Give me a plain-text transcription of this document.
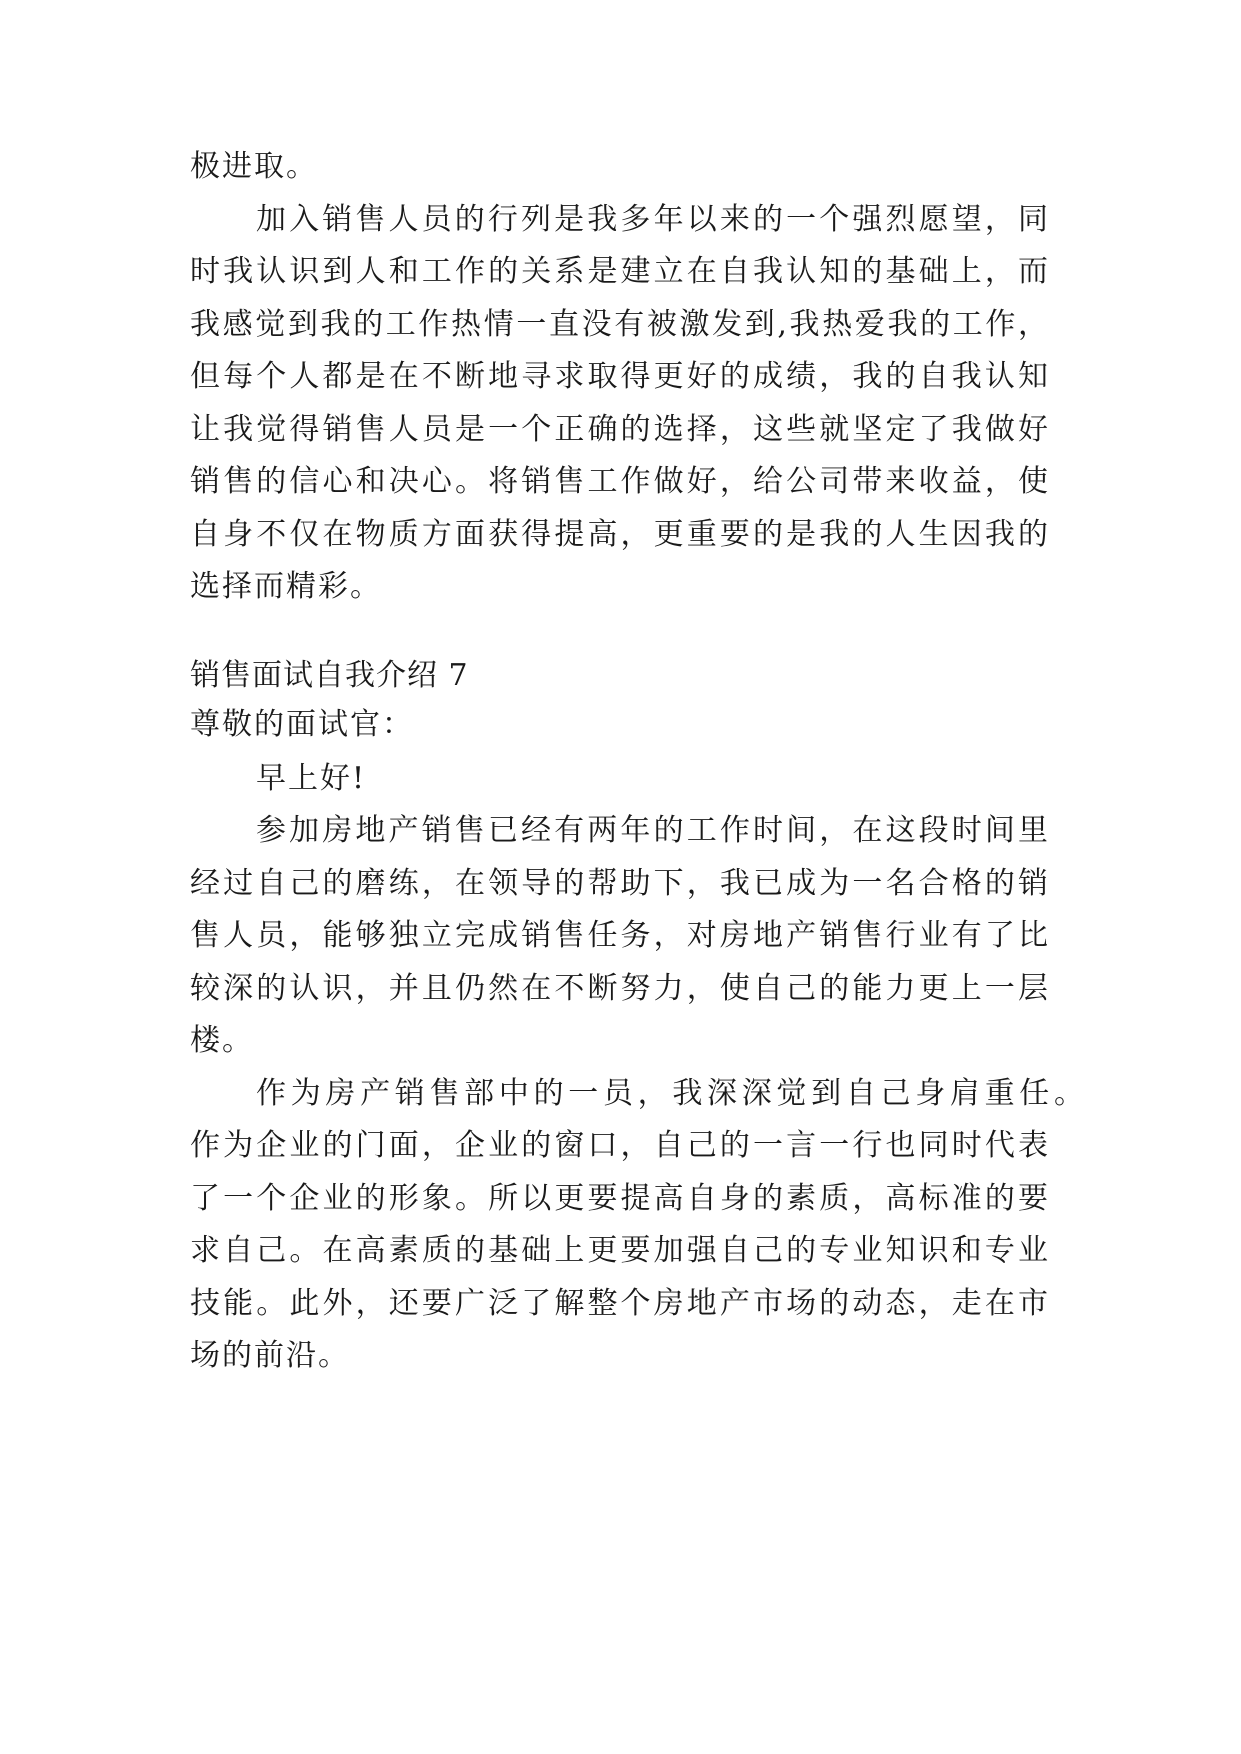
极进取。
加入销售人员的行列是我多年以来的一个强烈愿望，同
时我认识到人和工作的关系是建立在自我认知的基础上，而
我感觉到我的工作热情一直没有被激发到,我热爱我的工作，
但每个人都是在不断地寻求取得更好的成绩，我的自我认知
让我觉得销售人员是一个正确的选择，这些就坚定了我做好
销售的信心和决心。将销售工作做好，给公司带来收益，使
自身不仅在物质方面获得提高，更重要的是我的人生因我的
选择而精彩。
销售面试自我介绍 7
尊敬的面试官：
早上好!
参加房地产销售已经有两年的工作时间，在这段时间里
经过自己的磨练，在领导的帮助下，我已成为一名合格的销
售人员，能够独立完成销售任务，对房地产销售行业有了比
较深的认识，并且仍然在不断努力，使自己的能力更上一层
楼。
作为房产销售部中的一员，我深深觉到自己身肩重任。
作为企业的门面，企业的窗口，自己的一言一行也同时代表
了一个企业的形象。所以更要提高自身的素质，高标准的要
求自己。在高素质的基础上更要加强自己的专业知识和专业
技能。此外，还要广泛了解整个房地产市场的动态，走在市
场的前沿。
